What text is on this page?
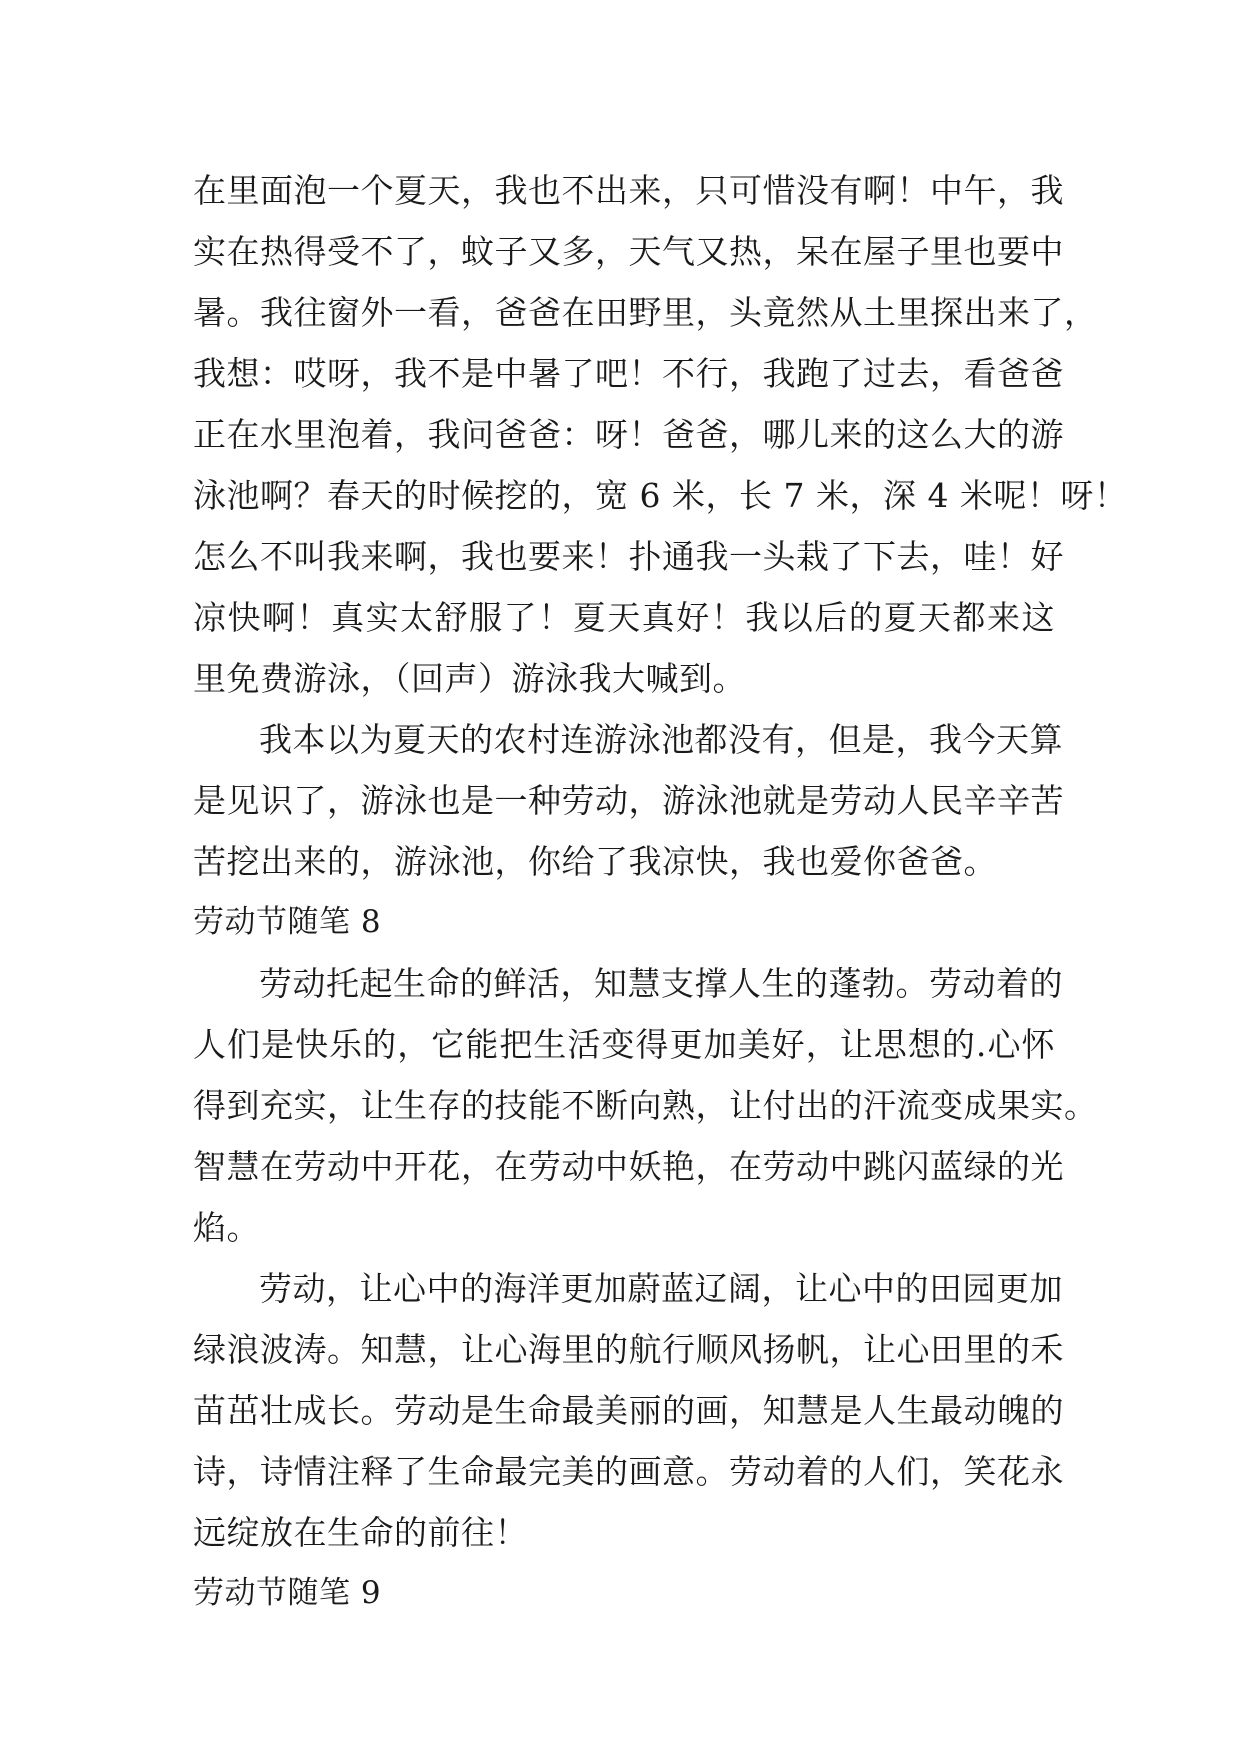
在里面泡一个夏天，我也不出来，只可惜没有啊！中午，我
实在热得受不了，蚊子又多，天气又热，呆在屋子里也要中
暑。我往窗外一看，爸爸在田野里，头竟然从土里探出来了，
我想：哎呀，我不是中暑了吧！不行，我跑了过去，看爸爸
正在水里泡着，我问爸爸：呀！爸爸，哪儿来的这么大的游
泳池啊？春天的时候挖的，宽 6 米，长 7 米，深 4 米呢！呀！
怎么不叫我来啊，我也要来！扑通我一头栽了下去，哇！好
凉快啊！真实太舒服了！夏天真好！我以后的夏天都来这
里免费游泳，（回声）游泳我大喊到。
我本以为夏天的农村连游泳池都没有，但是，我今天算
是见识了，游泳也是一种劳动，游泳池就是劳动人民辛辛苦
苦挖出来的，游泳池，你给了我凉快，我也爱你爸爸。
劳动节随笔 8
劳动托起生命的鲜活，知慧支撑人生的蓬勃。劳动着的
人们是快乐的，它能把生活变得更加美好，让思想的.心怀
得到充实，让生存的技能不断向熟，让付出的汗流变成果实。
智慧在劳动中开花，在劳动中妖艳，在劳动中跳闪蓝绿的光
焰。
劳动，让心中的海洋更加蔚蓝辽阔，让心中的田园更加
绿浪波涛。知慧，让心海里的航行顺风扬帆，让心田里的禾
苗茁壮成长。劳动是生命最美丽的画，知慧是人生最动魄的
诗，诗情注释了生命最完美的画意。劳动着的人们，笑花永
远绽放在生命的前往！
劳动节随笔 9
